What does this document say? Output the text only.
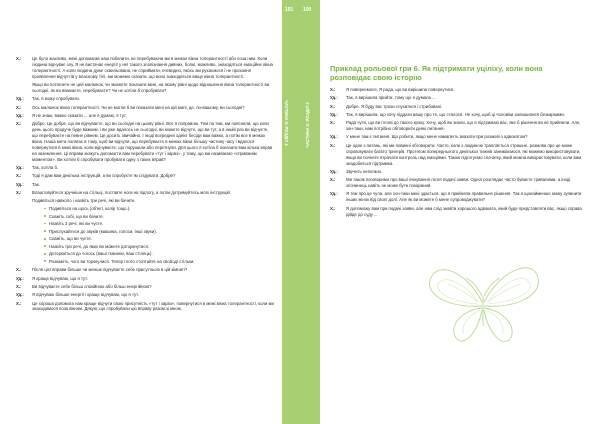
101 100
ЧАСТИНА 5: РОЗДІЛ 4	ЧАСТИНА 5: РОЗДІЛ 4
Х.:	Це було жахливо, мені допомагав наш побачити, не перебуваючи ми в межах вікна толерантності або поза ним. Коли людина відчуває злу, Я не вистачає енергії у неї такого злопізнання дивних, болю, можливо, знаходяться емоційне вікна толерантності. А коли людина дуже схвильована, не сприймати, очевидно, якось ми рухаємося і не прохання проявлення відчуттів у власному тілі, ми можемо сказати, що воно знаходиться вище вікна толерантності.
Якщо ви потягнете не цей малюнок, чи зможете показати мені, на якому рівні щодо відношення вікна толерантності ви сьогодні, як ви вважаєте, перебуваєте? Чи не хотіли б спробувати?
Уд.:	Так, я можу спробувати.
Х.:	Ось малюнок вікна толерантності. Чи не могли б ви показати мені на цій мапі, де, по-вашому, ви сьогодні?
Уд.:	Я не знаю, важко сказати ... але я думаю, я тут.
Х.:	Добре. Це добре, що ви відчуваєте, що ви сьогодні на цьому рівні. Все я поправлю. Тем па тим, ми поясняли, що коли день цього продуче буде важким, і ви уже вдалось не сьогодні, ви можете відчуте, що ви тут, а в іншій раз ви відчуєте, що перебуваєте на певне рівнем. Це досить звичайно. І іноді всередині однієї бесіди вам важко, а потім все в межах вікна. Наша мета полягає в тому, щоб ви відчули, що перебуваєте в межах вікна більшу частину часу і вдалося повернутися в межі вікна, коли відчуваєте, що порушили або перетнули. Для цього я хотіла б показати вам кілька вправ на заземлення. Ці вправи можуть допомогти вам перебувати «тут і зараз», у тому, що ми називаємо «справжнім моментом». Ви хотіли б спробувати пробувати одну з таких вправ?
Уд.:	Так, хотіла б.
Х.:	Тоді я дам вам декілька інструкцій, а ви спробуєте їм слідувати. Добре?
Уд.:	Так.
Х.:	Влаштовуйтеся зручніше на стільці, поставте ноги на підлогу, а потім дотримуйтесь моїх інструкцій.
Подивіться навколо і назвіть три речі, які ви бачите.
Подивіться на щось (об'ект, колір тощо.).
Скажіть собі, що ви бачите.
Назвіть 3 речі, які ви чуєте.
Прислухайтеся до звуків (машина, голоси, інші звуки).
Скажіть, що ви чуєте.
Назвіть три речі, до яких ви можете доторкнутися.
Доторкніться до чогось (ваші тканини, ваш стілець).
Розкажіть, чого ви торкнулися. Тепер глото стоптайте на свободі стільки.
Х.:	Після цієї вправи більше чи менше відчуваєте себе присутньою в цій кімнаті?
Уд.:	Я краще відчуваю, що я тут.
Х.:	Ви відчуваєте себе більш спокійною або більш енергійною?
Уд.:	Я відчуваю більше енергії і краще відчуваю, що я тут.
Х.:	Це хороша допомога нам краще відчути свою присутність «тут і зараз», повернутися в межі вікна толерантності, коли ми знаходимося поза вікном. Дякую, що спробували цю вправу разом зі мною.
Приклад рольової гри 6. Як підтримати уціліху, коли вона розповідає свою історію
Х.:	Я повернемося. Я рада, що ви вирішили повернутися.
Уд.:	Так, я вирішила прийти, тому що я думала ...
Х.:	Добре. Я буду вас трохи слухатися і стрибовані.
Уд.:	Так, я вирішила, що хочу піддати вашу про те, що сталося. Не хочу, щоб ці чоловіки залишилися безкарними.
Х.:	Рада чути, що ви готові до такого кроку. Хочу, щоб ви знали, що я підтримаю вас, яке б рішення ви не прийняли. Але, зон-таки, нам потрібно обговорити деякі питання.
Уд.:	У мене там є питання. Що робити, якщо мене намагачть вказати при розмові з адвокатом?
Х.:	Це одне з питань, які ми повинні обговорити. Часто, коли з людиною трапляється страшне, розмова про це може спровокувати багато тригерів. Протягом попередньогого декількох тижнів занимаємося, які можемо використовувати, якщо ви почнете втрачати контроль над емоціями. Також підготуємо спочатку, який можна використовувати, коли вам знадобиться підтримка.
Уд.:	Звучить непогано.
Х.:	Ми також поговоримо про ваші очікування після подачі заяви. Одної розглядає часто буваєте тривалими, а іноді злочинець навіть не може бути покараний.
Уд.:	Я теж про це чула, але хоч-таки мені здається, що я прийняла правильне рішення. Так я щонайменше можу зупинити інших жінок від своєї долі. Але як ви можете б мене супроводжувати?
Х.:	Я допоможу вам при подачі заяви, але нам слід знайти хорошого адвоката, який буде представляти вас, якщо справа дійде до суду ...
